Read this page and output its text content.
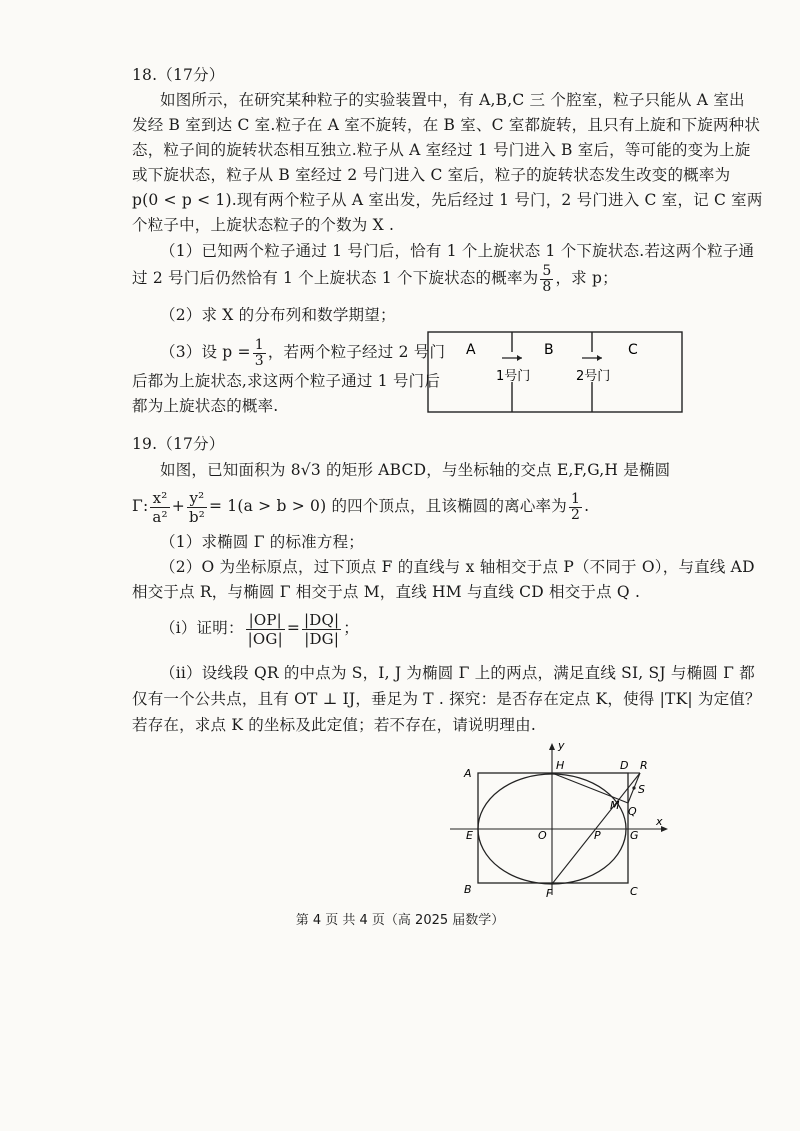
18.（17分）
如图所示，在研究某种粒子的实验装置中，有 A,B,C 三 个腔室，粒子只能从 A 室出
发经 B 室到达 C 室.粒子在 A 室不旋转，在 B 室、C 室都旋转，且只有上旋和下旋两种状
态，粒子间的旋转状态相互独立.粒子从 A 室经过 1 号门进入 B 室后，等可能的变为上旋
或下旋状态，粒子从 B 室经过 2 号门进入 C 室后，粒子的旋转状态发生改变的概率为
p(0 < p < 1).现有两个粒子从 A 室出发，先后经过 1 号门，2 号门进入 C 室，记 C 室两
个粒子中，上旋状态粒子的个数为 X .
（1）已知两个粒子通过 1 号门后，恰有 1 个上旋状态 1 个下旋状态.若这两个粒子通
过 2 号门后仍然恰有 1 个上旋状态 1 个下旋状态的概率为 $\frac{5}{8}$ ，求 p；
（2）求 X 的分布列和数学期望；
（3）设 $p = \frac{1}{3}$ ，若两个粒子经过 2 号门
后都为上旋状态,求这两个粒子通过 1 号门后
都为上旋状态的概率.
A	B	C
1号门	2号门
19.（17分）
如图，已知面积为 8√3 的矩形 ABCD，与坐标轴的交点 E,F,G,H 是椭圆
Γ: $\frac{\text{x²}}{\text{a²}} + \frac{\text{y²}}{\text{b²}} = 1(a > b > 0)$ 的四个顶点，且该椭圆的离心率为 $\frac{1}{2}$ .
（1）求椭圆 Γ 的标准方程；
（2）O 为坐标原点，过下顶点 F 的直线与 x 轴相交于点 P（不同于 O），与直线 AD
相交于点 R，与椭圆 Γ 相交于点 M，直线 HM 与直线 CD 相交于点 Q .
（i）证明： $\frac{|OP|}{|OG|} = \frac{|DQ|}{|DG|}$ ；
（ii）设线段 QR 的中点为 S，I, J 为椭圆 Γ 上的两点，满足直线 SI, SJ 与椭圆 Γ 都
仅有一个公共点，且有 OT ⊥ IJ，垂足为 T . 探究：是否存在定点 K，使得 |TK| 为定值？
若存在，求点 K 的坐标及此定值；若不存在，请说明理由.
y
x
A
B	C
D
E
F
G
H
O	P
M Q
R
S
第 4 页 共 4 页（高 2025 届数学）
